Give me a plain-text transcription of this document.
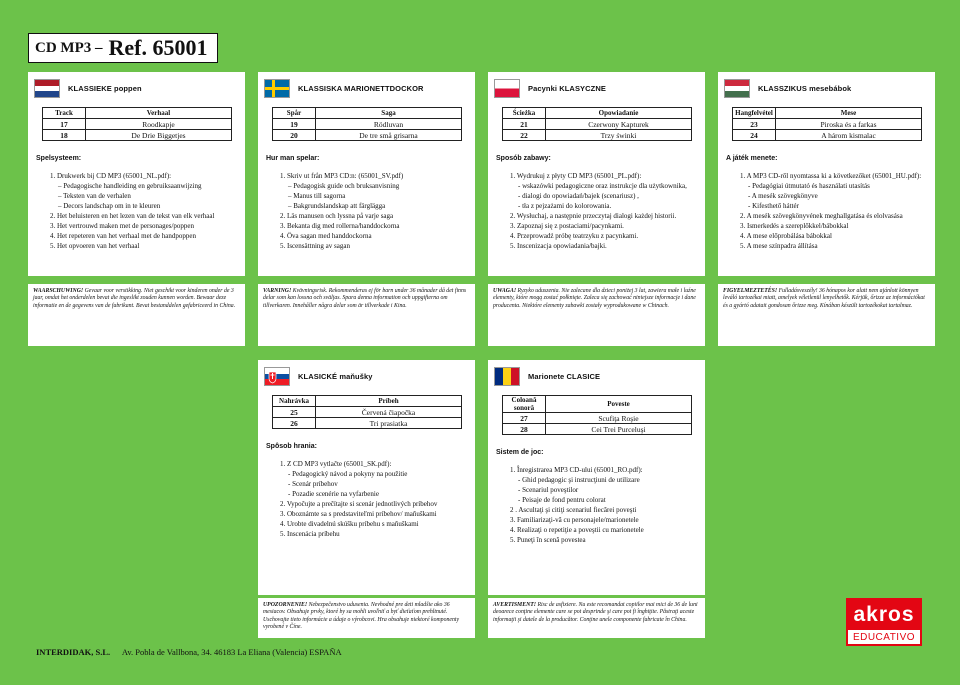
CD MP3 – Ref. 65001
KLASSIEKE poppen
Track	Verhaal
17	Roodkapje
18	De Drie Biggetjes
Spelsysteem:
1. Drukwerk bij CD MP3 (65001_NL.pdf):
– Pedagogische handleiding en gebruiksaanwijzing
– Teksten van de verhalen
– Decors landschap om in te kleuren
2. Het beluisteren en het lezen van de tekst van elk verhaal
3. Het vertrouwd maken met de personages/poppen
4. Het repeteren van het verhaal met de handpoppen
5. Het opvoeren van het verhaal
WAARSCHUWING! Gevaar voor verstikking. Niet geschikt voor kinderen onder de 3 jaar, omdat het onderdelen bevat die ingeslikt zouden kunnen worden. Bewaar deze informatie en de gegevens van de fabrikant. Bevat bestanddelen gefabriceerd in China.
KLASSISKA MARIONETTDOCKOR
Spår	Saga
19	Rödluvan
20	De tre små grisarna
Hur man spelar:
1. Skriv ut från MP3 CD:n: (65001_SV.pdf)
– Pedagogisk guide och bruksanvisning
– Manus till sagorna
– Bakgrundslandskap att färglägga
2. Läs manusen och lyssna på varje saga
3. Bekanta dig med rollerna/handdockorna
4. Öva sagan med handdockorna
5. Iscensättning av sagan
VARNING! Kvävningsrisk. Rekommenderas ej för barn under 36 månader då det finns delar som kan lossna och sväljas. Spara denna information och uppgifterna om tillverkaren. Innehåller några delar som är tillverkade i Kina.
Pacynki KLASYCZNE
Ścieżka	Opowiadanie
21	Czerwony Kapturek
22	Trzy świnki
Sposób zabawy:
1. Wydrukuj z płyty CD MP3 (65001_PL.pdf):
- wskazówki pedagogiczne oraz instrukcje dla użytkownika,
- dialogi do opowiadań/bajek (scenariusz) ,
- tła z pejzażami do kolorowania.
2. Wysłuchaj, a następnie przeczytaj dialogi każdej historii.
3. Zapoznaj się z postaciami/pacynkami.
4. Przeprowadź próbę teatrzyku z pacynkami.
5. Inscenizacja opowiadania/bajki.
UWAGA! Ryzyko uduszenia. Nie zalecane dla dzieci poniżej 3 lat, zawiera małe i luźne elementy, które mogą zostać połknięte. Zaleca się zachować niniejsze informacje i dane producenta. Niektóre elementy zabawki zostały wyprodukowane w Chinach.
KLASSZIKUS mesebábok
Hangfelvétel	Mese
23	Piroska és a farkas
24	A három kismalac
A játék menete:
1. A MP3 CD-ről nyomtassa ki a következőket (65001_HU.pdf):
- Pedagógiai útmutató és használati utasítás
- A mesék szövegkönyve
- Kifesthető háttér
2. A mesék szövegkönyvének meghallgatása és elolvasása
3. Ismerkedés a szereplőkkel/bábokkal
4. A mese előprobálása bábokkal
5. A mese színpadra állítása
FIGYELMEZTETÉS! Fulladásveszély! 36 hónapos kor alatt nem ajánlott könnyen leváló tartozékai miatt, amelyek véletlenül lenyelhetők. Kérjük, őrizze az információkat és a gyártó adatait gondosan őrizze meg. Kínában készült tartozékokat tartalmaz.
KLASICKÉ maňušky
Nahrávka	Príbeh
25	Červená čiapočka
26	Tri prasiatka
Spôsob hrania:
1. Z CD MP3 vytlačte (65001_SK.pdf):
- Pedagogický návod a pokyny na použitie
- Scenár príbehov
- Pozadie scenérie na vyfarbenie
2. Vypočujte a prečítajte si scenár jednotlivých príbehov
3. Oboznámte sa s predstaviteľmi príbehov/ maňuškami
4. Urobte divadelnú skúšku príbehu s maňuškami
5. Inscenácia príbehu
UPOZORNENIE! Nebezpečenstvo udusenia. Nevhodné pre deti mladšie ako 36 mesiacov. Obsahuje prvky, ktoré by sa mohli uvoľniť a byť dieťaťom prehltnuté. Uschovajte tieto informácie a údaje o výrobcovi. Hra obsahuje niektoré komponenty vyrobené v Číne.
Marionete CLASICE
Coloană sonoră	Poveste
27	Scufiţa Roşie
28	Cei Trei Purceluşi
Sistem de joc:
1. Înregistrarea MP3 CD-ului (65001_RO.pdf):
- Ghid pedagogic şi instrucţiuni de utilizare
- Scenariul poveştilor
- Peisaje de fond pentru colorat
2 . Ascultaţi şi citiţi scenariul fiecărei poveşti
3. Familiarizaţi-vă cu personajele/marionetele
4. Realizaţi o repetiţie a poveştii cu marionetele
5. Puneţi în scenă povestea
AVERTISMENT! Risc de asfixiere. Nu este recomandat copiilor mai mici de 36 de luni deoarece conţine elemente care se pot desprinde şi care pot fi înghiţite. Păstraţi aceste informaţii şi datele de la producător. Conţine unele componente fabricate în China.
INTERDIDAK, S.L. Av. Pobla de Vallbona, 34. 46183 La Eliana (Valencia) ESPAÑA
akros
EDUCATIVO
